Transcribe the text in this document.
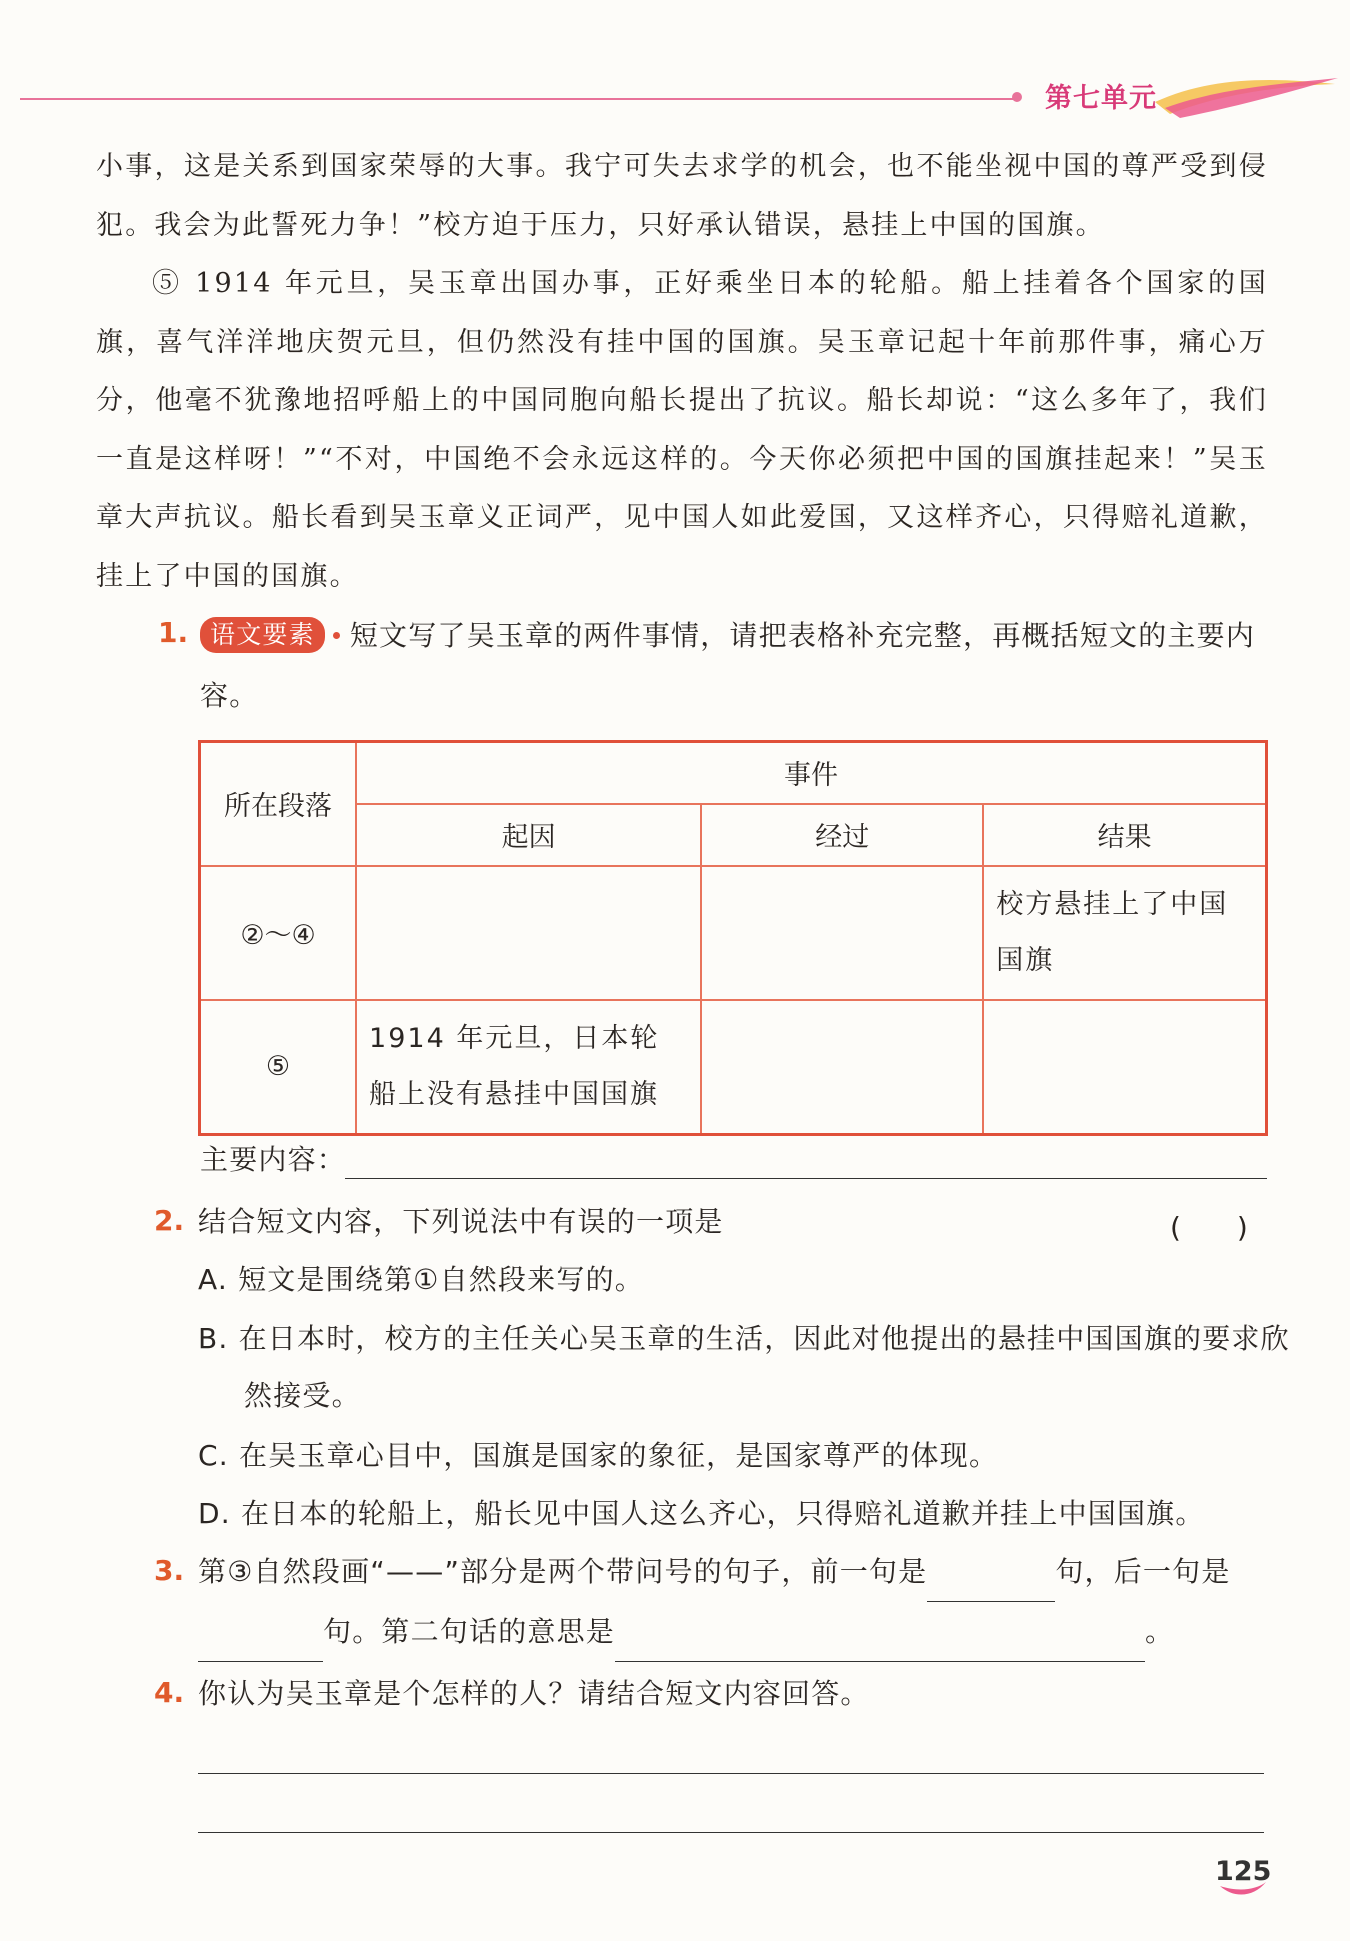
第七单元

小事，这是关系到国家荣辱的大事。我宁可失去求学的机会，也不能坐视中国的尊严受到侵犯。我会为此誓死力争！”校方迫于压力，只好承认错误，悬挂上中国的国旗。

⑤ 1914 年元旦，吴玉章出国办事，正好乘坐日本的轮船。船上挂着各个国家的国旗，喜气洋洋地庆贺元旦，但仍然没有挂中国的国旗。吴玉章记起十年前那件事，痛心万分，他毫不犹豫地招呼船上的中国同胞向船长提出了抗议。船长却说：“这么多年了，我们一直是这样呀！”“不对，中国绝不会永远这样的。今天你必须把中国的国旗挂起来！”吴玉章大声抗议。船长看到吴玉章义正词严，见中国人如此爱国，又这样齐心，只得赔礼道歉，挂上了中国的国旗。

1. 语文要素 短文写了吴玉章的两件事情，请把表格补充完整，再概括短文的主要内容。
所在段落	事件		
	起因	经过	结果
②～④			校方悬挂上了中国国旗
⑤	1914 年元旦，日本轮船上没有悬挂中国国旗		
主要内容：
2. 结合短文内容，下列说法中有误的一项是	(　　)
A. 短文是围绕第①自然段来写的。
B. 在日本时，校方的主任关心吴玉章的生活，因此对他提出的悬挂中国国旗的要求欣然接受。
C. 在吴玉章心目中，国旗是国家的象征，是国家尊严的体现。
D. 在日本的轮船上，船长见中国人这么齐心，只得赔礼道歉并挂上中国国旗。
3. 第③自然段画“——”部分是两个带问号的句子，前一句是	句，后一句是
句。第二句话的意思是	。
4. 你认为吴玉章是个怎样的人？请结合短文内容回答。
125
